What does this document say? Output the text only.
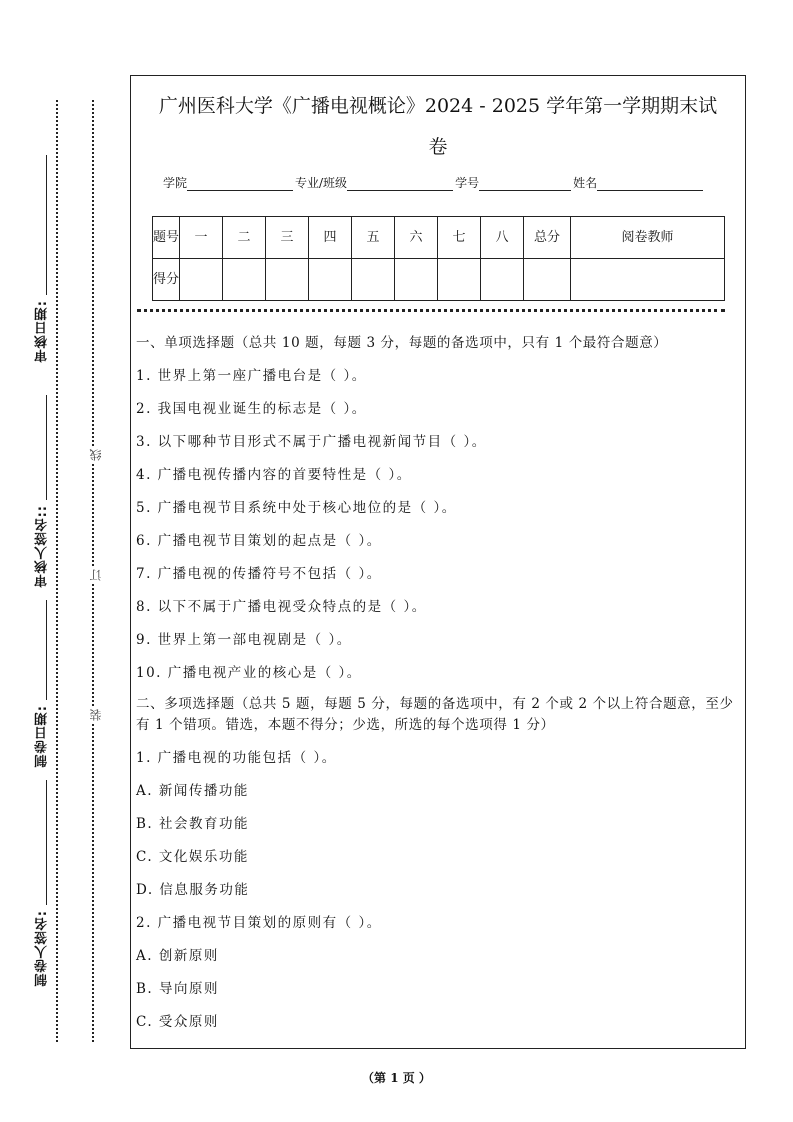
审核日期:
审核人签名::
制卷日期:
制卷人签名:
线
订
装
广州医科大学《广播电视概论》2024 - 2025 学年第一学期期末试
卷
学院	专业/班级	学号	姓名
题号	一	二	三	四	五	六	七	八	总分	阅卷教师
得分										
一、单项选择题（总共 10 题，每题 3 分，每题的备选项中，只有 1 个最符合题意）
1. 世界上第一座广播电台是（ ）。
2. 我国电视业诞生的标志是（ ）。
3. 以下哪种节目形式不属于广播电视新闻节目（ ）。
4. 广播电视传播内容的首要特性是（ ）。
5. 广播电视节目系统中处于核心地位的是（ ）。
6. 广播电视节目策划的起点是（ ）。
7. 广播电视的传播符号不包括（ ）。
8. 以下不属于广播电视受众特点的是（ ）。
9. 世界上第一部电视剧是（ ）。
10. 广播电视产业的核心是（ ）。
二、多项选择题（总共 5 题，每题 5 分，每题的备选项中，有 2 个或 2 个以上符合题意，至少有 1 个错项。错选，本题不得分；少选，所选的每个选项得 1 分）
1. 广播电视的功能包括（ ）。
A. 新闻传播功能
B. 社会教育功能
C. 文化娱乐功能
D. 信息服务功能
2. 广播电视节目策划的原则有（ ）。
A. 创新原则
B. 导向原则
C. 受众原则
（第 1 页 ）
